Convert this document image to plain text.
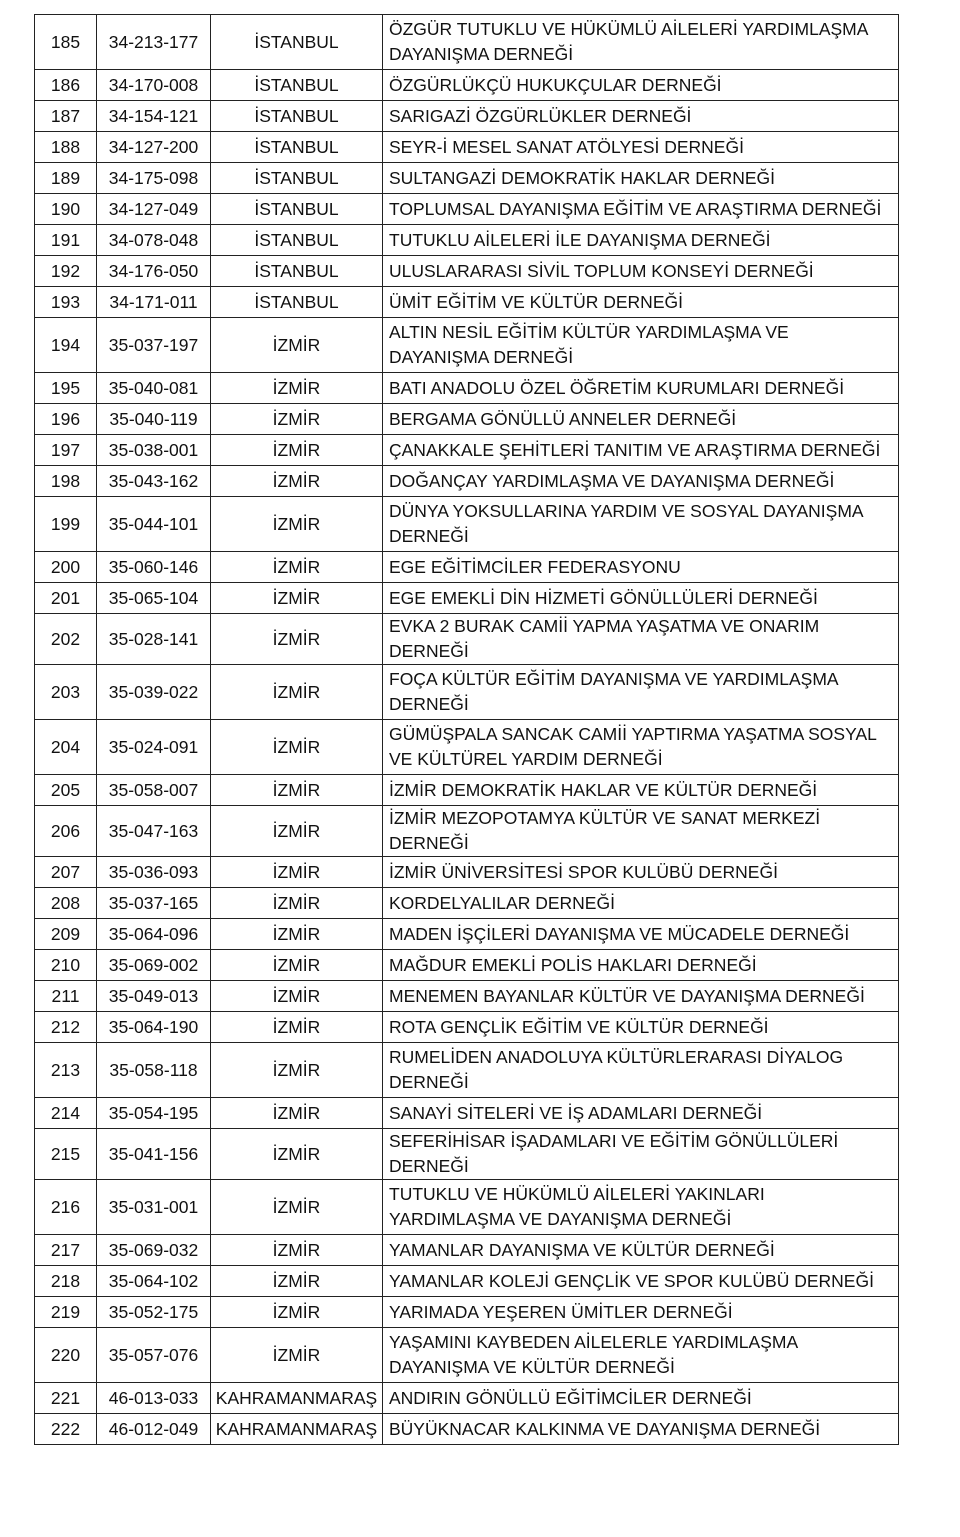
185	34-213-177	İSTANBUL	ÖZGÜR TUTUKLU VE HÜKÜMLÜ AİLELERİ YARDIMLAŞMA DAYANIŞMA DERNEĞİ
186	34-170-008	İSTANBUL	ÖZGÜRLÜKÇÜ HUKUKÇULAR DERNEĞİ
187	34-154-121	İSTANBUL	SARIGAZİ ÖZGÜRLÜKLER DERNEĞİ
188	34-127-200	İSTANBUL	SEYR-İ MESEL SANAT ATÖLYESİ DERNEĞİ
189	34-175-098	İSTANBUL	SULTANGAZİ DEMOKRATİK HAKLAR DERNEĞİ
190	34-127-049	İSTANBUL	TOPLUMSAL DAYANIŞMA EĞİTİM VE ARAŞTIRMA DERNEĞİ
191	34-078-048	İSTANBUL	TUTUKLU AİLELERİ İLE DAYANIŞMA DERNEĞİ
192	34-176-050	İSTANBUL	ULUSLARARASI SİVİL TOPLUM KONSEYİ DERNEĞİ
193	34-171-011	İSTANBUL	ÜMİT EĞİTİM VE KÜLTÜR DERNEĞİ
194	35-037-197	İZMİR	ALTIN NESİL EĞİTİM KÜLTÜR YARDIMLAŞMA VE DAYANIŞMA DERNEĞİ
195	35-040-081	İZMİR	BATI ANADOLU ÖZEL ÖĞRETİM KURUMLARI DERNEĞİ
196	35-040-119	İZMİR	BERGAMA GÖNÜLLÜ ANNELER DERNEĞİ
197	35-038-001	İZMİR	ÇANAKKALE ŞEHİTLERİ TANITIM VE ARAŞTIRMA DERNEĞİ
198	35-043-162	İZMİR	DOĞANÇAY YARDIMLAŞMA VE DAYANIŞMA DERNEĞİ
199	35-044-101	İZMİR	DÜNYA YOKSULLARINA YARDIM VE SOSYAL DAYANIŞMA DERNEĞİ
200	35-060-146	İZMİR	EGE EĞİTİMCİLER FEDERASYONU
201	35-065-104	İZMİR	EGE EMEKLİ DİN HİZMETİ GÖNÜLLÜLERİ DERNEĞİ
202	35-028-141	İZMİR	EVKA 2 BURAK CAMİİ YAPMA YAŞATMA VE ONARIM DERNEĞİ
203	35-039-022	İZMİR	FOÇA KÜLTÜR EĞİTİM DAYANIŞMA VE YARDIMLAŞMA DERNEĞİ
204	35-024-091	İZMİR	GÜMÜŞPALA SANCAK CAMİİ YAPTIRMA YAŞATMA SOSYAL VE KÜLTÜREL YARDIM DERNEĞİ
205	35-058-007	İZMİR	İZMİR DEMOKRATİK HAKLAR VE KÜLTÜR DERNEĞİ
206	35-047-163	İZMİR	İZMİR MEZOPOTAMYA KÜLTÜR VE SANAT MERKEZİ DERNEĞİ
207	35-036-093	İZMİR	İZMİR ÜNİVERSİTESİ SPOR KULÜBÜ DERNEĞİ
208	35-037-165	İZMİR	KORDELYALILAR DERNEĞİ
209	35-064-096	İZMİR	MADEN İŞÇİLERİ DAYANIŞMA VE MÜCADELE DERNEĞİ
210	35-069-002	İZMİR	MAĞDUR EMEKLİ POLİS HAKLARI DERNEĞİ
211	35-049-013	İZMİR	MENEMEN BAYANLAR KÜLTÜR VE DAYANIŞMA DERNEĞİ
212	35-064-190	İZMİR	ROTA GENÇLİK EĞİTİM VE KÜLTÜR DERNEĞİ
213	35-058-118	İZMİR	RUMELİDEN ANADOLUYA KÜLTÜRLERARASI DİYALOG DERNEĞİ
214	35-054-195	İZMİR	SANAYİ SİTELERİ VE İŞ ADAMLARI DERNEĞİ
215	35-041-156	İZMİR	SEFERİHİSAR İŞADAMLARI VE EĞİTİM GÖNÜLLÜLERİ DERNEĞİ
216	35-031-001	İZMİR	TUTUKLU VE HÜKÜMLÜ AİLELERİ YAKINLARI YARDIMLAŞMA VE DAYANIŞMA DERNEĞİ
217	35-069-032	İZMİR	YAMANLAR DAYANIŞMA VE KÜLTÜR DERNEĞİ
218	35-064-102	İZMİR	YAMANLAR KOLEJİ GENÇLİK VE SPOR KULÜBÜ DERNEĞİ
219	35-052-175	İZMİR	YARIMADA YEŞEREN ÜMİTLER DERNEĞİ
220	35-057-076	İZMİR	YAŞAMINI KAYBEDEN AİLELERLE YARDIMLAŞMA DAYANIŞMA VE KÜLTÜR DERNEĞİ
221	46-013-033	KAHRAMANMARAŞ	ANDIRIN GÖNÜLLÜ EĞİTİMCİLER DERNEĞİ
222	46-012-049	KAHRAMANMARAŞ	BÜYÜKNACAR KALKINMA VE DAYANIŞMA DERNEĞİ
